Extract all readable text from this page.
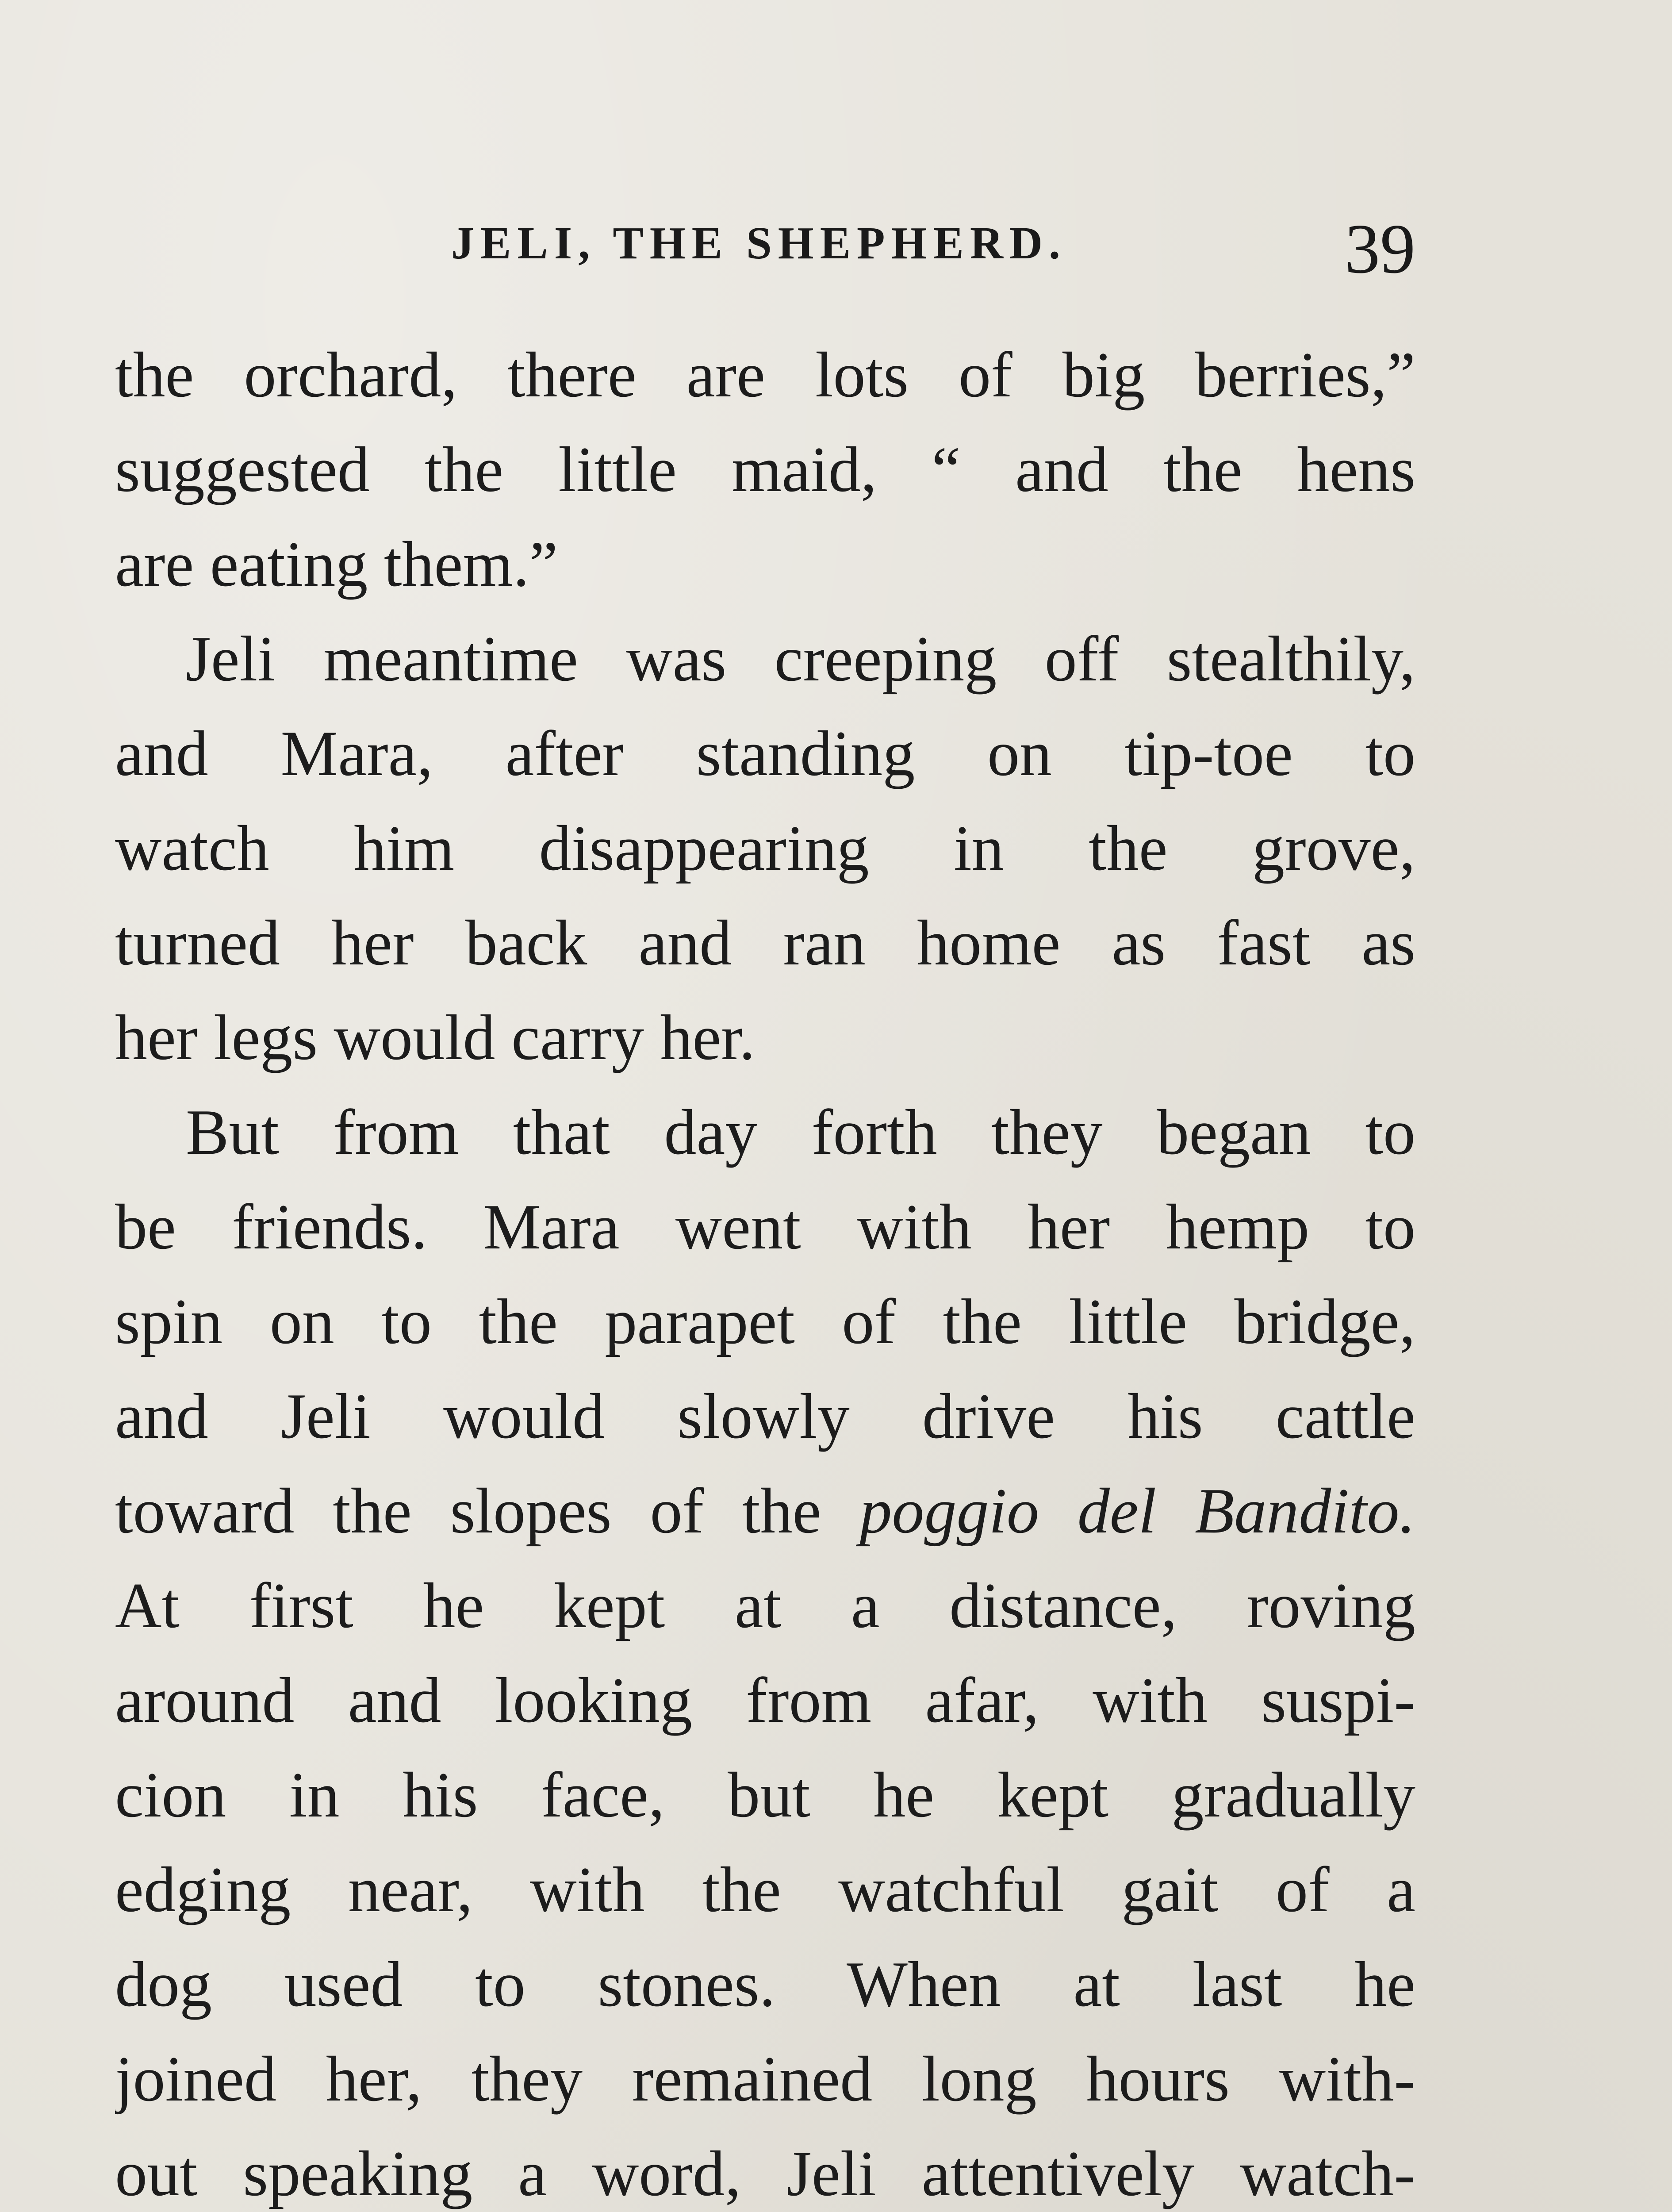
JELI, THE SHEPHERD.	39
the orchard, there are lots of big berries,”
suggested the little maid, “ and the hens
are eating them.”
Jeli meantime was creeping off stealthily,
and Mara, after standing on tip-toe to
watch him disappearing in the grove,
turned her back and ran home as fast as
her legs would carry her.
But from that day forth they began to
be friends. Mara went with her hemp to
spin on to the parapet of the little bridge,
and Jeli would slowly drive his cattle
toward the slopes of the poggio del Bandito.
At first he kept at a distance, roving
around and looking from afar, with suspi-
cion in his face, but he kept gradually
edging near, with the watchful gait of a
dog used to stones. When at last he
joined her, they remained long hours with-
out speaking a word, Jeli attentively watch-
